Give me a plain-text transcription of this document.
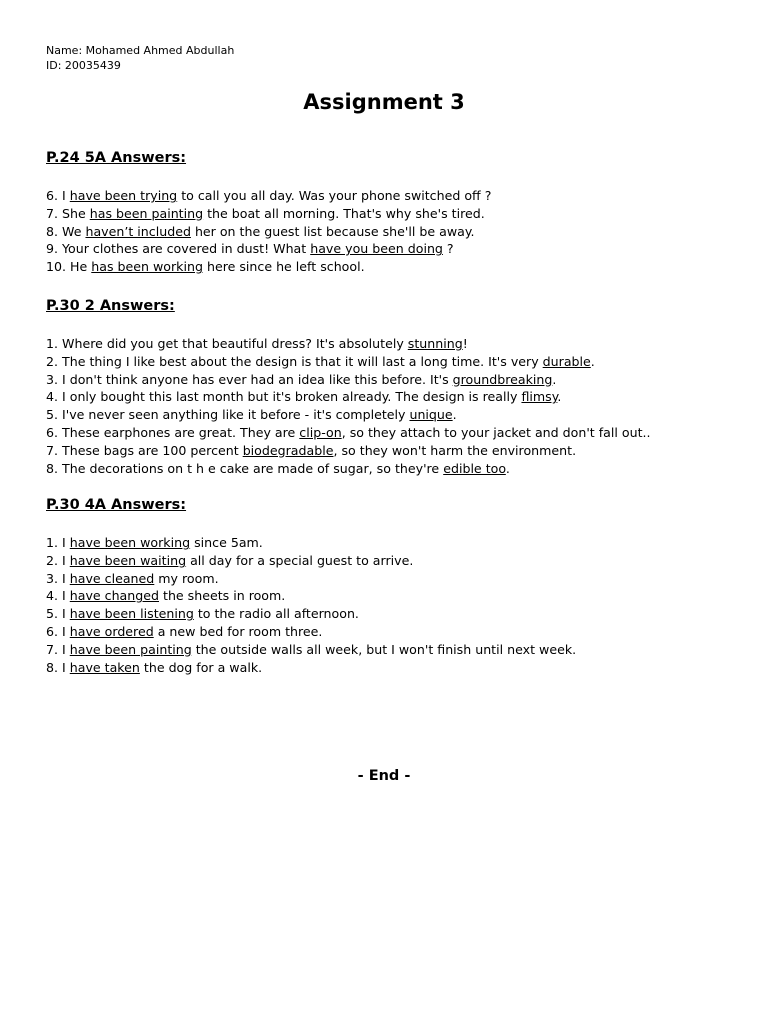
Name: Mohamed Ahmed Abdullah
ID: 20035439
Assignment 3
P.24 5A Answers:
6. I have been trying to call you all day. Was your phone switched off ?
7. She has been painting the boat all morning. That's why she's tired.
8. We haven’t included her on the guest list because she'll be away.
9. Your clothes are covered in dust! What have you been doing ?
10. He has been working here since he left school.
P.30 2 Answers:
1. Where did you get that beautiful dress? It's absolutely stunning!
2. The thing I like best about the design is that it will last a long time. It's very durable.
3. I don't think anyone has ever had an idea like this before. It's groundbreaking.
4. I only bought this last month but it's broken already. The design is really flimsy.
5. I've never seen anything like it before - it's completely unique.
6. These earphones are great. They are clip-on, so they attach to your jacket and don't fall out..
7. These bags are 100 percent biodegradable, so they won't harm the environment.
8. The decorations on t h e cake are made of sugar, so they're edible too.
P.30 4A Answers:
1. I have been working since 5am.
2. I have been waiting all day for a special guest to arrive.
3. I have cleaned my room.
4. I have changed the sheets in room.
5. I have been listening to the radio all afternoon.
6. I have ordered a new bed for room three.
7. I have been painting the outside walls all week, but I won't finish until next week.
8. I have taken the dog for a walk.
- End -
